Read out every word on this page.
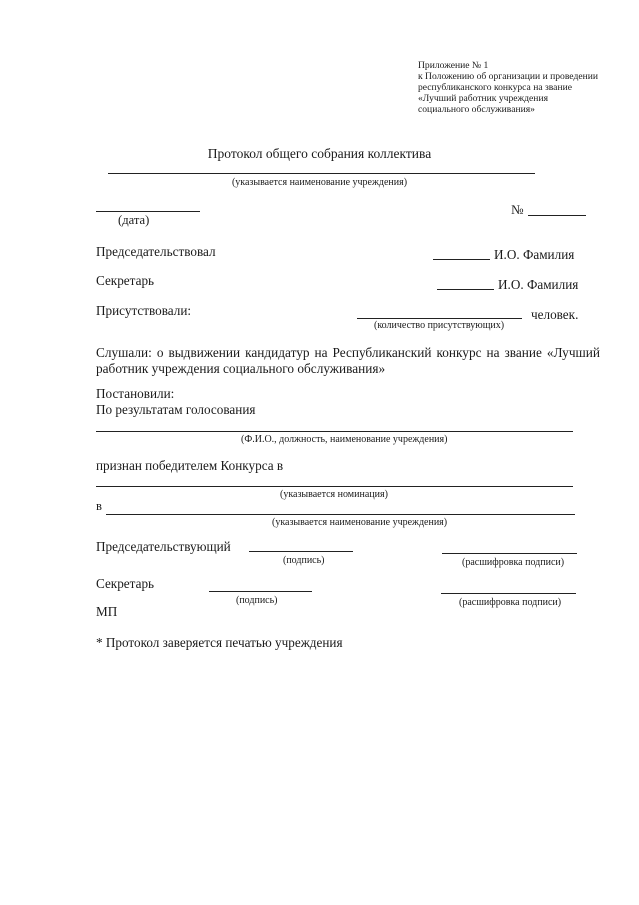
Приложение № 1
к Положению об организации и проведении
республиканского конкурса на звание
«Лучший работник учреждения
социального обслуживания»
Протокол общего собрания коллектива
(указывается наименование учреждения)
(дата)
№
Председательствовал	И.О. Фамилия
Секретарь	И.О. Фамилия
Присутствовали:	человек.
(количество присутствующих)
Слушали: о выдвижении кандидатур на Республиканский конкурс на звание «Лучший работник учреждения социального обслуживания»
Постановили:
По результатам голосования
(Ф.И.О., должность, наименование учреждения)
признан победителем Конкурса в
(указывается номинация)
в
(указывается наименование учреждения)
Председательствующий
(подпись)	(расшифровка подписи)
Секретарь
(подпись)	(расшифровка подписи)
МП
* Протокол заверяется печатью учреждения
